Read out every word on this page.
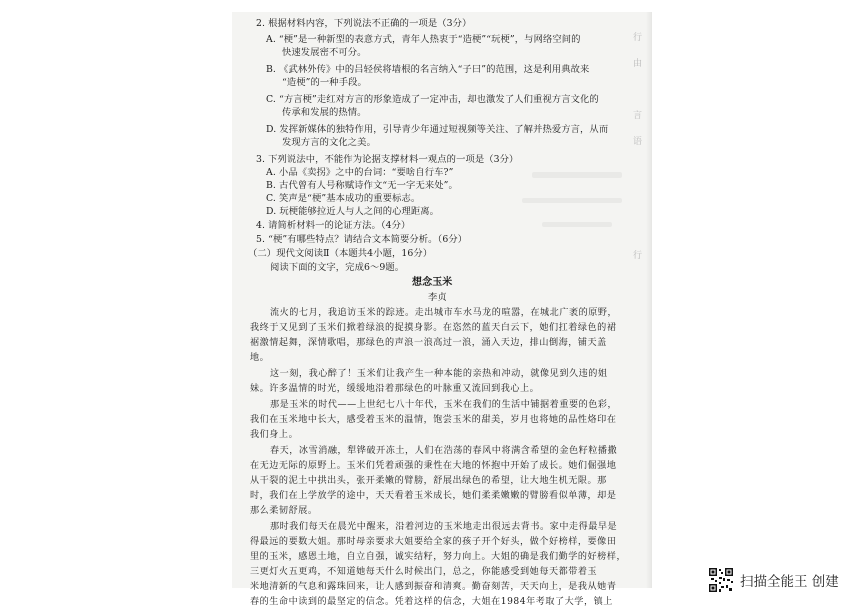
2. 根据材料内容，下列说法不正确的一项是（3分）
A. “梗”是一种新型的表意方式，青年人热衷于“造梗”“玩梗”，与网络空间的
快速发展密不可分。
B. 《武林外传》中的吕轻侯将墙根的名言纳入“子曰”的范围，这是利用典故来
“造梗”的一种手段。
C. “方言梗”走红对方言的形象造成了一定冲击，却也激发了人们重视方言文化的
传承和发展的热情。
D. 发挥新媒体的独特作用，引导青少年通过短视频等关注、了解并热爱方言，从而
发现方言的文化之美。
3. 下列说法中，不能作为论据支撑材料一观点的一项是（3分）
A. 小品《卖拐》之中的台词：“要啥自行车?”
B. 古代曾有人号称赋诗作文“无一字无来处”。
C. 笑声是“梗”基本成功的重要标志。
D. 玩梗能够拉近人与人之间的心理距离。
4. 请简析材料一的论证方法。（4分）
5. “梗”有哪些特点？请结合文本简要分析。（6分）
（二）现代文阅读Ⅱ（本题共4小题，16分）
阅读下面的文字，完成6～9题。
想念玉米
李贞
流火的七月，我追访玉米的踪迹。走出城市车水马龙的喧嚣，在城北广袤的原野，
我终于又见到了玉米们掀着绿浪的捉摸身影。在恣然的蓝天白云下，她们扛着绿色的裙
裾激情起舞，深情歌唱，那绿色的声浪一浪高过一浪，涌入天边，排山倒海，铺天盖
地。
这一刻，我心醉了！玉米们让我产生一种本能的亲热和冲动，就像见到久违的姐
妹。许多温情的时光，缓缓地沿着那绿色的叶脉重又流回到我心上。
那是玉米的时代——上世纪七八十年代，玉米在我们的生活中铺据着重要的色彩，
我们在玉米地中长大，感受着玉米的温情，饱尝玉米的甜美，岁月也将她的品性烙印在
我们身上。
春天，冰雪消融，犁铧破开冻土，人们在浩荡的春风中将满含希望的金色籽粒播撒
在无边无际的原野上。玉米们凭着顽强的秉性在大地的怀抱中开始了成长。她们倔强地
从干裂的泥土中拱出头，张开柔嫩的臂膀，舒展出绿色的希望，让大地生机无限。那
时，我们在上学放学的途中，天天看着玉米成长，她们柔柔嫩嫩的臂膀看似单薄，却是
那么柔韧舒展。
那时我们每天在晨光中醒来，沿着河边的玉米地走出很远去背书。家中走得最早是
得最远的要数大姐。那时母亲要求大姐要给全家的孩子开个好头，做个好榜样，要像田
里的玉米，感恩土地，自立自强，诚实结籽，努力向上。大姐的确是我们勤学的好榜样，
三更灯火五更鸡，不知道她每天什么时候出门，总之，你能感受到她每天都带着玉
米地清新的气息和露珠回来，让人感到振奋和清爽。勤奋刻苦，天天向上，是我从她青
春的生命中读到的最坚定的信念。凭着这样的信念，大姐在1984年考取了大学，镇上
行
由
言
语
行
扫描全能王 创建
